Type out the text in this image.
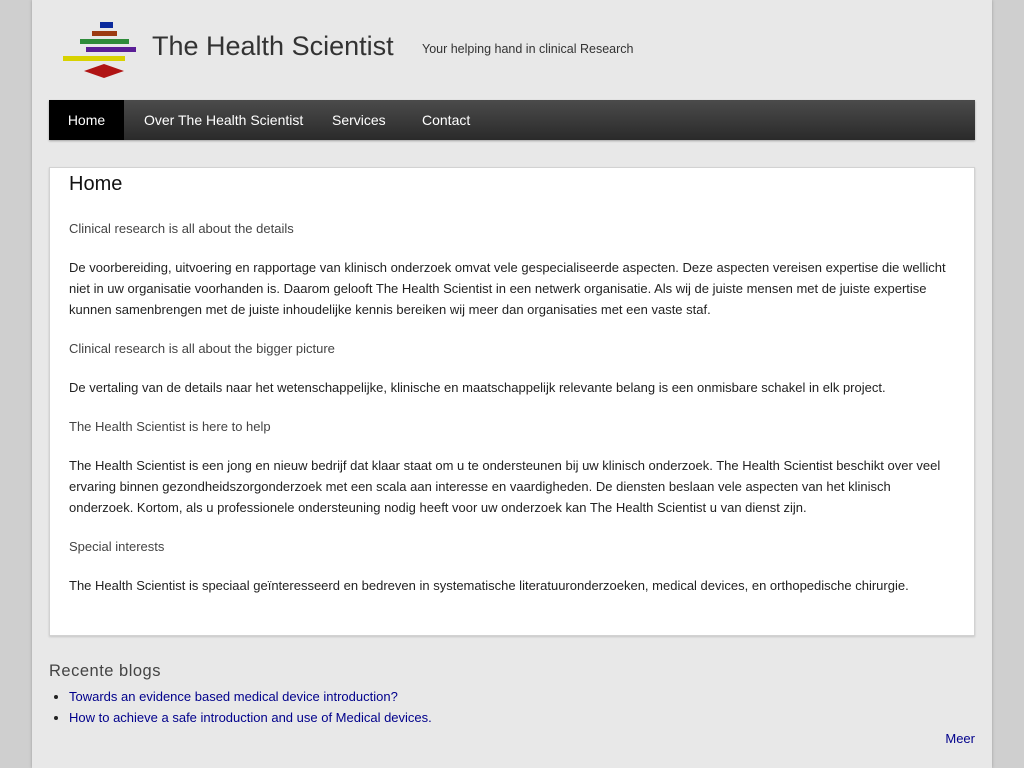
The Health Scientist Your helping hand in clinical Research
Home	Over The Health Scientist Services	Contact
Home

Clinical research is all about the details

De voorbereiding, uitvoering en rapportage van klinisch onderzoek omvat vele gespecialiseerde aspecten. Deze aspecten vereisen expertise die wellicht niet in uw organisatie voorhanden is. Daarom gelooft The Health Scientist in een netwerk organisatie. Als wij de juiste mensen met de juiste expertise kunnen samenbrengen met de juiste inhoudelijke kennis bereiken wij meer dan organisaties met een vaste staf.

Clinical research is all about the bigger picture

De vertaling van de details naar het wetenschappelijke, klinische en maatschappelijk relevante belang is een onmisbare schakel in elk project.

The Health Scientist is here to help

The Health Scientist is een jong en nieuw bedrijf dat klaar staat om u te ondersteunen bij uw klinisch onderzoek. The Health Scientist beschikt over veel ervaring binnen gezondheidszorgonderzoek met een scala aan interesse en vaardigheden. De diensten beslaan vele aspecten van het klinisch onderzoek. Kortom, als u professionele ondersteuning nodig heeft voor uw onderzoek kan The Health Scientist u van dienst zijn.

Special interests

The Health Scientist is speciaal geïnteresseerd en bedreven in systematische literatuuronderzoeken, medical devices, en orthopedische chirurgie.

Recente blogs
• Towards an evidence based medical device introduction?
• How to achieve a safe introduction and use of Medical devices.
Meer
